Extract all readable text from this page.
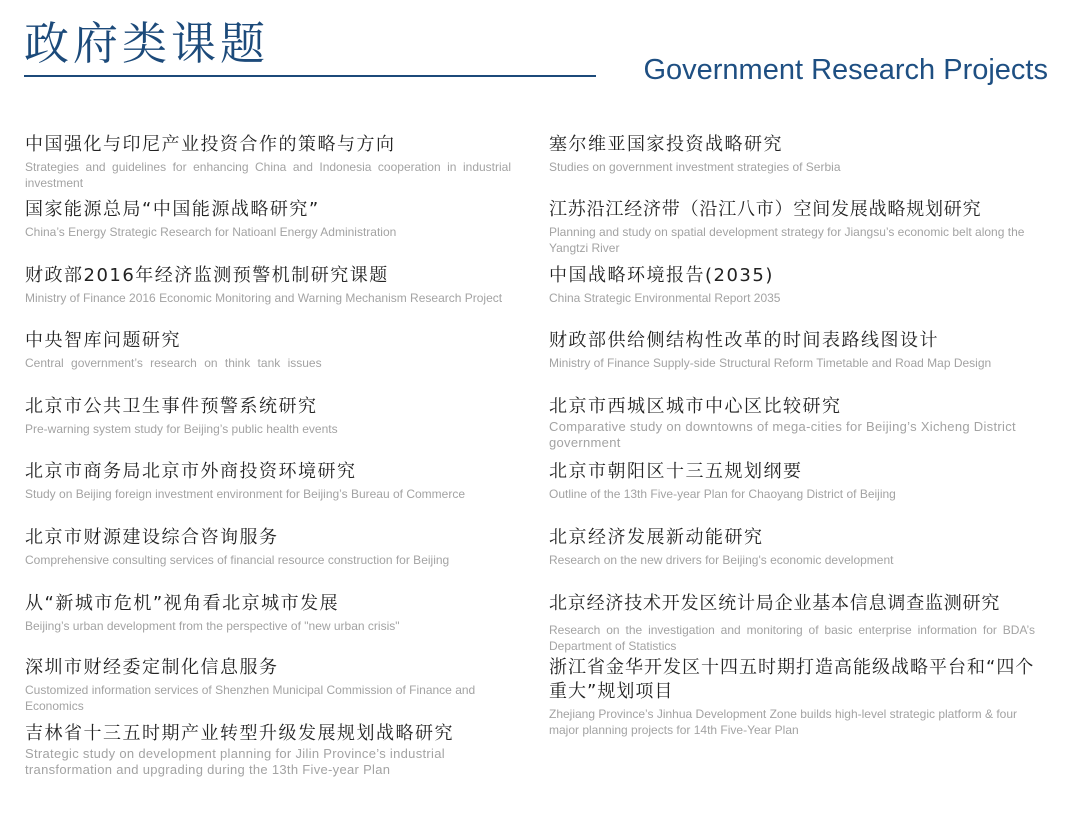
政府类课题	Government Research Projects
中国强化与印尼产业投资合作的策略与方向
Strategies and guidelines for enhancing China and Indonesia cooperation in industrial investment
国家能源总局“中国能源战略研究”
China’s Energy Strategic Research for Natioanl Energy Administration
财政部2016年经济监测预警机制研究课题
Ministry of Finance 2016 Economic Monitoring and Warning Mechanism Research Project
中央智库问题研究
Central government’s research on think tank issues
北京市公共卫生事件预警系统研究
Pre-warning system study for Beijing’s public health events
北京市商务局北京市外商投资环境研究
Study on Beijing foreign investment environment for Beijing’s Bureau of Commerce
北京市财源建设综合咨询服务
Comprehensive consulting services of financial resource construction for Beijing
从“新城市危机”视角看北京城市发展
Beijing’s urban development from the perspective of "new urban crisis"
深圳市财经委定制化信息服务
Customized information services of Shenzhen Municipal Commission of Finance and Economics
吉林省十三五时期产业转型升级发展规划战略研究
Strategic study on development planning for Jilin Province’s industrial transformation and upgrading during the 13th Five-year Plan
塞尔维亚国家投资战略研究
Studies on government investment strategies of Serbia
江苏沿江经济带（沿江八市）空间发展战略规划研究
Planning and study on spatial development strategy for Jiangsu’s economic belt along the Yangtzi River
中国战略环境报告(2035)
China Strategic Environmental Report 2035
财政部供给侧结构性改革的时间表路线图设计
Ministry of Finance Supply-side Structural Reform Timetable and Road Map Design
北京市西城区城市中心区比较研究
Comparative study on downtowns of mega-cities for Beijing’s Xicheng District government
北京市朝阳区十三五规划纲要
Outline of the 13th Five-year Plan for Chaoyang District of Beijing
北京经济发展新动能研究
Research on the new drivers for Beijing's economic development
北京经济技术开发区统计局企业基本信息调查监测研究
Research on the investigation and monitoring of basic enterprise information for BDA’s Department of Statistics
浙江省金华开发区十四五时期打造高能级战略平台和“四个重大”规划项目
Zhejiang Province’s Jinhua Development Zone builds high-level strategic platform & four major planning projects for 14th Five-Year Plan
